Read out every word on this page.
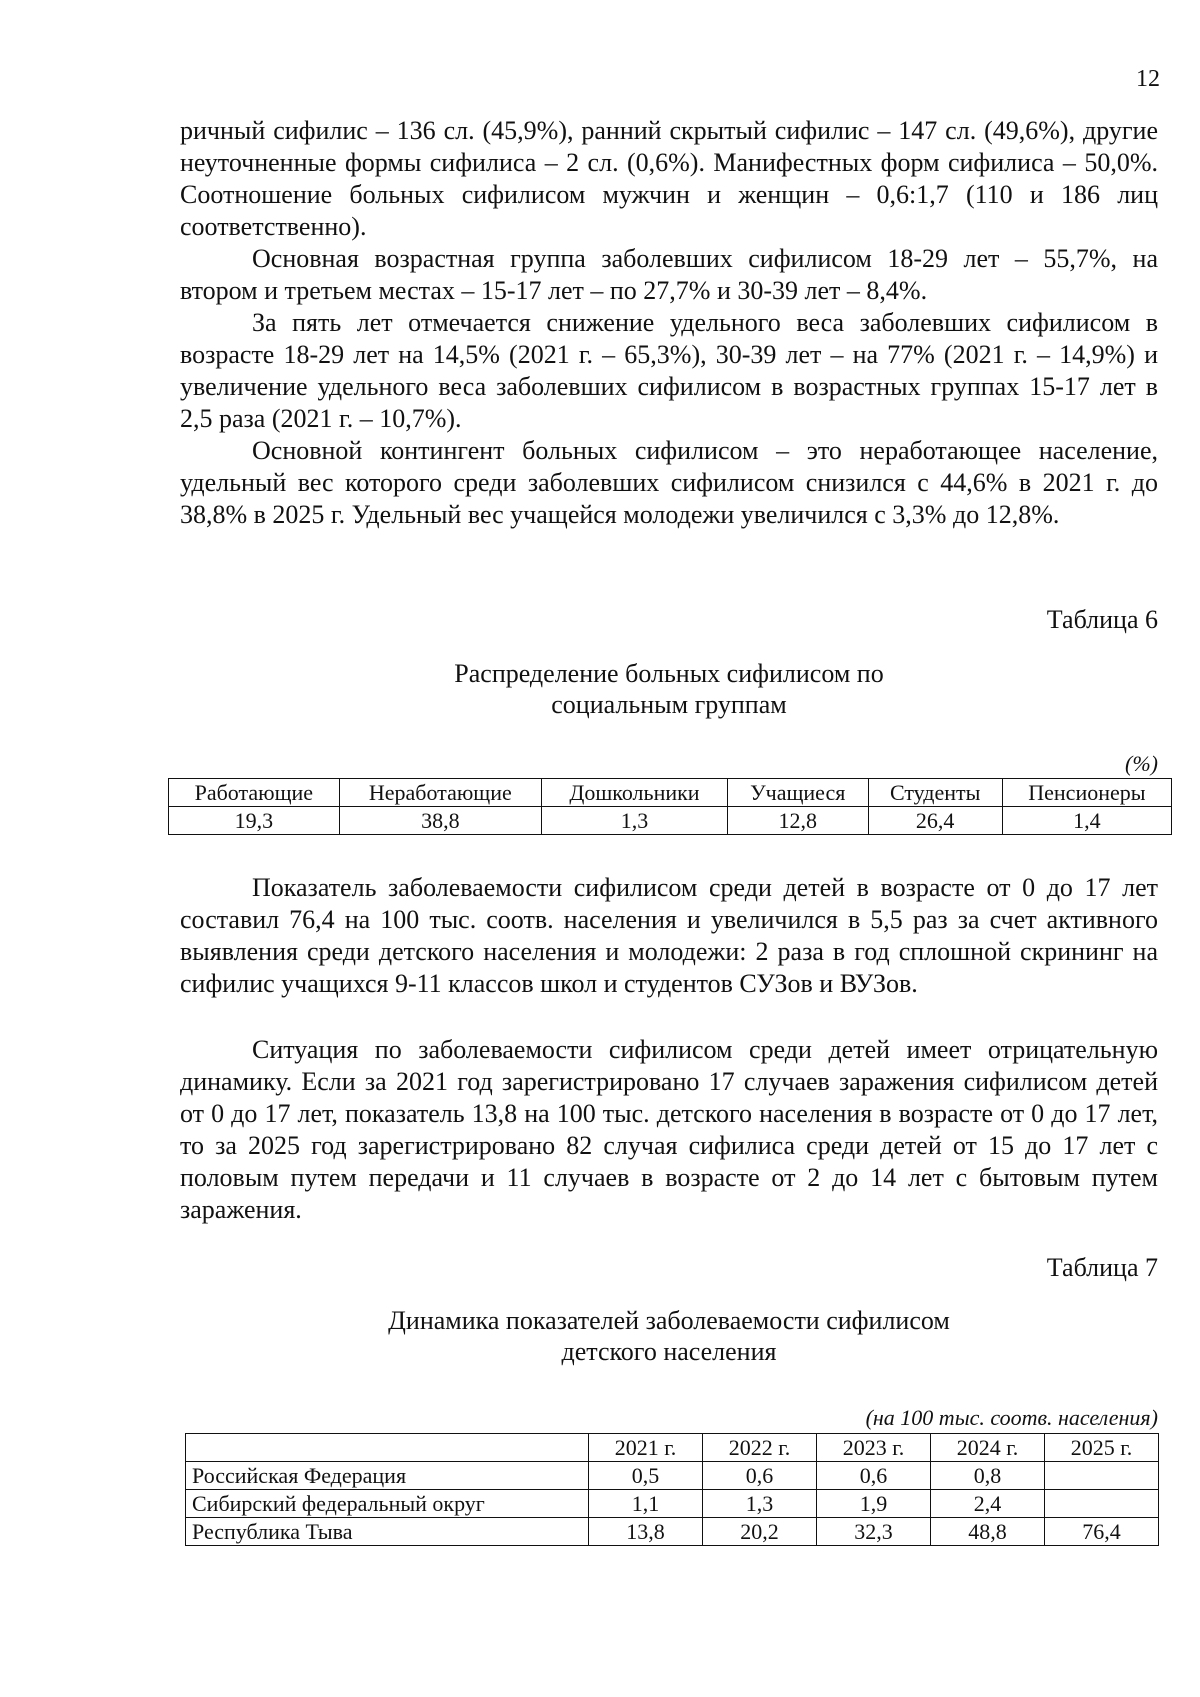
12

ричный сифилис – 136 сл. (45,9%), ранний скрытый сифилис – 147 сл. (49,6%), другие неуточненные формы сифилиса – 2 сл. (0,6%). Манифестных форм сифилиса – 50,0%. Соотношение больных сифилисом мужчин и женщин – 0,6:1,7 (110 и 186 лиц соответственно).

Основная возрастная группа заболевших сифилисом 18-29 лет – 55,7%, на втором и третьем местах – 15-17 лет – по 27,7% и 30-39 лет – 8,4%.

За пять лет отмечается снижение удельного веса заболевших сифилисом в возрасте 18-29 лет на 14,5% (2021 г. – 65,3%), 30-39 лет – на 77% (2021 г. – 14,9%) и увеличение удельного веса заболевших сифилисом в возрастных группах 15-17 лет в 2,5 раза (2021 г. – 10,7%).

Основной контингент больных сифилисом – это неработающее население, удельный вес которого среди заболевших сифилисом снизился с 44,6% в 2021 г. до 38,8% в 2025 г. Удельный вес учащейся молодежи увеличился с 3,3% до 12,8%.

Таблица 6
Распределение больных сифилисом по
социальным группам
(%)
Работающие	Неработающие	Дошкольники	Учащиеся	Студенты	Пенсионеры
19,3	38,8	1,3	12,8	26,4	1,4

Показатель заболеваемости сифилисом среди детей в возрасте от 0 до 17 лет составил 76,4 на 100 тыс. соотв. населения и увеличился в 5,5 раз за счет активного выявления среди детского населения и молодежи: 2 раза в год сплошной скрининг на сифилис учащихся 9-11 классов школ и студентов СУЗов и ВУЗов.

Ситуация по заболеваемости сифилисом среди детей имеет отрицательную динамику. Если за 2021 год зарегистрировано 17 случаев заражения сифилисом детей от 0 до 17 лет, показатель 13,8 на 100 тыс. детского населения в возрасте от 0 до 17 лет, то за 2025 год зарегистрировано 82 случая сифилиса среди детей от 15 до 17 лет с половым путем передачи и 11 случаев в возрасте от 2 до 14 лет с бытовым путем заражения.

Таблица 7
Динамика показателей заболеваемости сифилисом
детского населения
(на 100 тыс. соотв. населения)
	2021 г.	2022 г.	2023 г.	2024 г.	2025 г.
Российская Федерация	0,5	0,6	0,6	0,8	
Сибирский федеральный округ	1,1	1,3	1,9	2,4	
Республика Тыва	13,8	20,2	32,3	48,8	76,4
